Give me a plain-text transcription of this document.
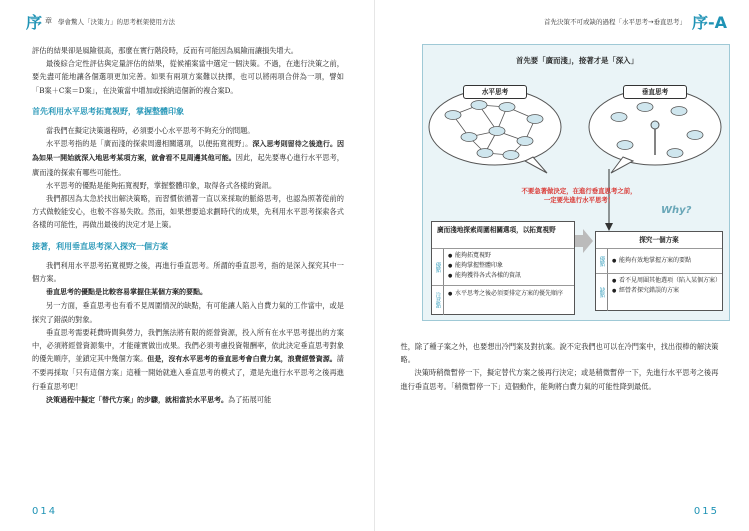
序 章 學會驚人「決策力」的思考框架使用方法

評估的結果卻是風險很高，那麼在實行階段時，反而有可能因為風險而讓損失增大。

最後綜合定性評估與定量評估的結果，從候補案當中選定一個決策。不過，在進行決策之前，要先盡可能地讓各個選項更加完善。如果有兩項方案難以抉擇，也可以將兩項合併為一項，譬如「B案＋C案＝D案」，在決策當中增加或採納這個新的複合案D。

首先利用水平思考拓寬視野，掌握整體印象

當我們在擬定決策過程時，必須要小心水平思考不夠充分的問題。

水平思考指的是「廣而淺的探索周邊相關選項，以便拓寬視野」。深入思考則留待之後進行。因為如果一開始就深入地思考某項方案，就會看不見周邊其他可能。因此，起先要專心進行水平思考，廣而淺的探索有哪些可能性。

水平思考的優點是能夠拓寬視野，掌握整體印象，取得各式各樣的資訊。

我們都因為太急於找出解決策略，而習慣依循著一直以來採取的脈絡思考，也認為照著從前的方式做較能安心，也較不容易失敗。然而，如果想要追求劃時代的成果，先利用水平思考探索各式各樣的可能性，再做出最後的決定才是上策。

接著，利用垂直思考深入探究一個方案

我們利用水平思考拓寬視野之後，再進行垂直思考。所謂的垂直思考，指的是深入探究其中一個方案。

垂直思考的優點是比較容易掌握住某個方案的要點。

另一方面，垂直思考也有看不見周圍情況的缺點，有可能讓人陷入自費力氣的工作當中，或是探究了錯誤的對象。

垂直思考需要耗費時間與勞力，我們無法將有限的經營資源，投入所有在水平思考提出的方案中，必須將經營資源集中，才能確實做出成果。我們必須考慮投資報酬率，依此決定垂直思考對象的優先順序，並鎖定其中幾個方案。但是，沒有水平思考的垂直思考會白費力氣，浪費經營資源。請不要再採取「只有這個方案」這種一開始就進入垂直思考的模式了，還是先進行水平思考之後再進行垂直思考吧！

決策過程中擬定「替代方案」的步驟，就相當於水平思考。為了拓展可能

014
首先決策不可或缺的過程「水平思考→垂直思考」 序-A

性，除了種子案之外，也要想出冷門案及對抗案。說不定我們也可以在冷門案中，找出很棒的解決策略。

決策時稍微暫停一下，擬定替代方案之後再行決定；或是稍微暫停一下，先進行水平思考之後再進行垂直思考。「稍微暫停一下」這個動作，能夠將白費力氣的可能性降到最低。

015
首先要「廣而淺」，接著才是「深入」
水平思考	垂直思考
不要急著做決定，在進行垂直思考之前，
一定要先進行水平思考！
Why?
廣而淺地探索周圍相關選項，以拓寬視野
優點
● 能夠拓寬視野
● 能夠掌握整體印象
● 能夠獲得各式各樣的資訊
注意點	● 水平思考之後必須要排定方案的優先順序
探究一個方案
優點	● 能夠有效地掌握方案的要點
缺點
● 看不見周圍其他選項（陷入某個方案）
● 經營者探究錯誤的方案
